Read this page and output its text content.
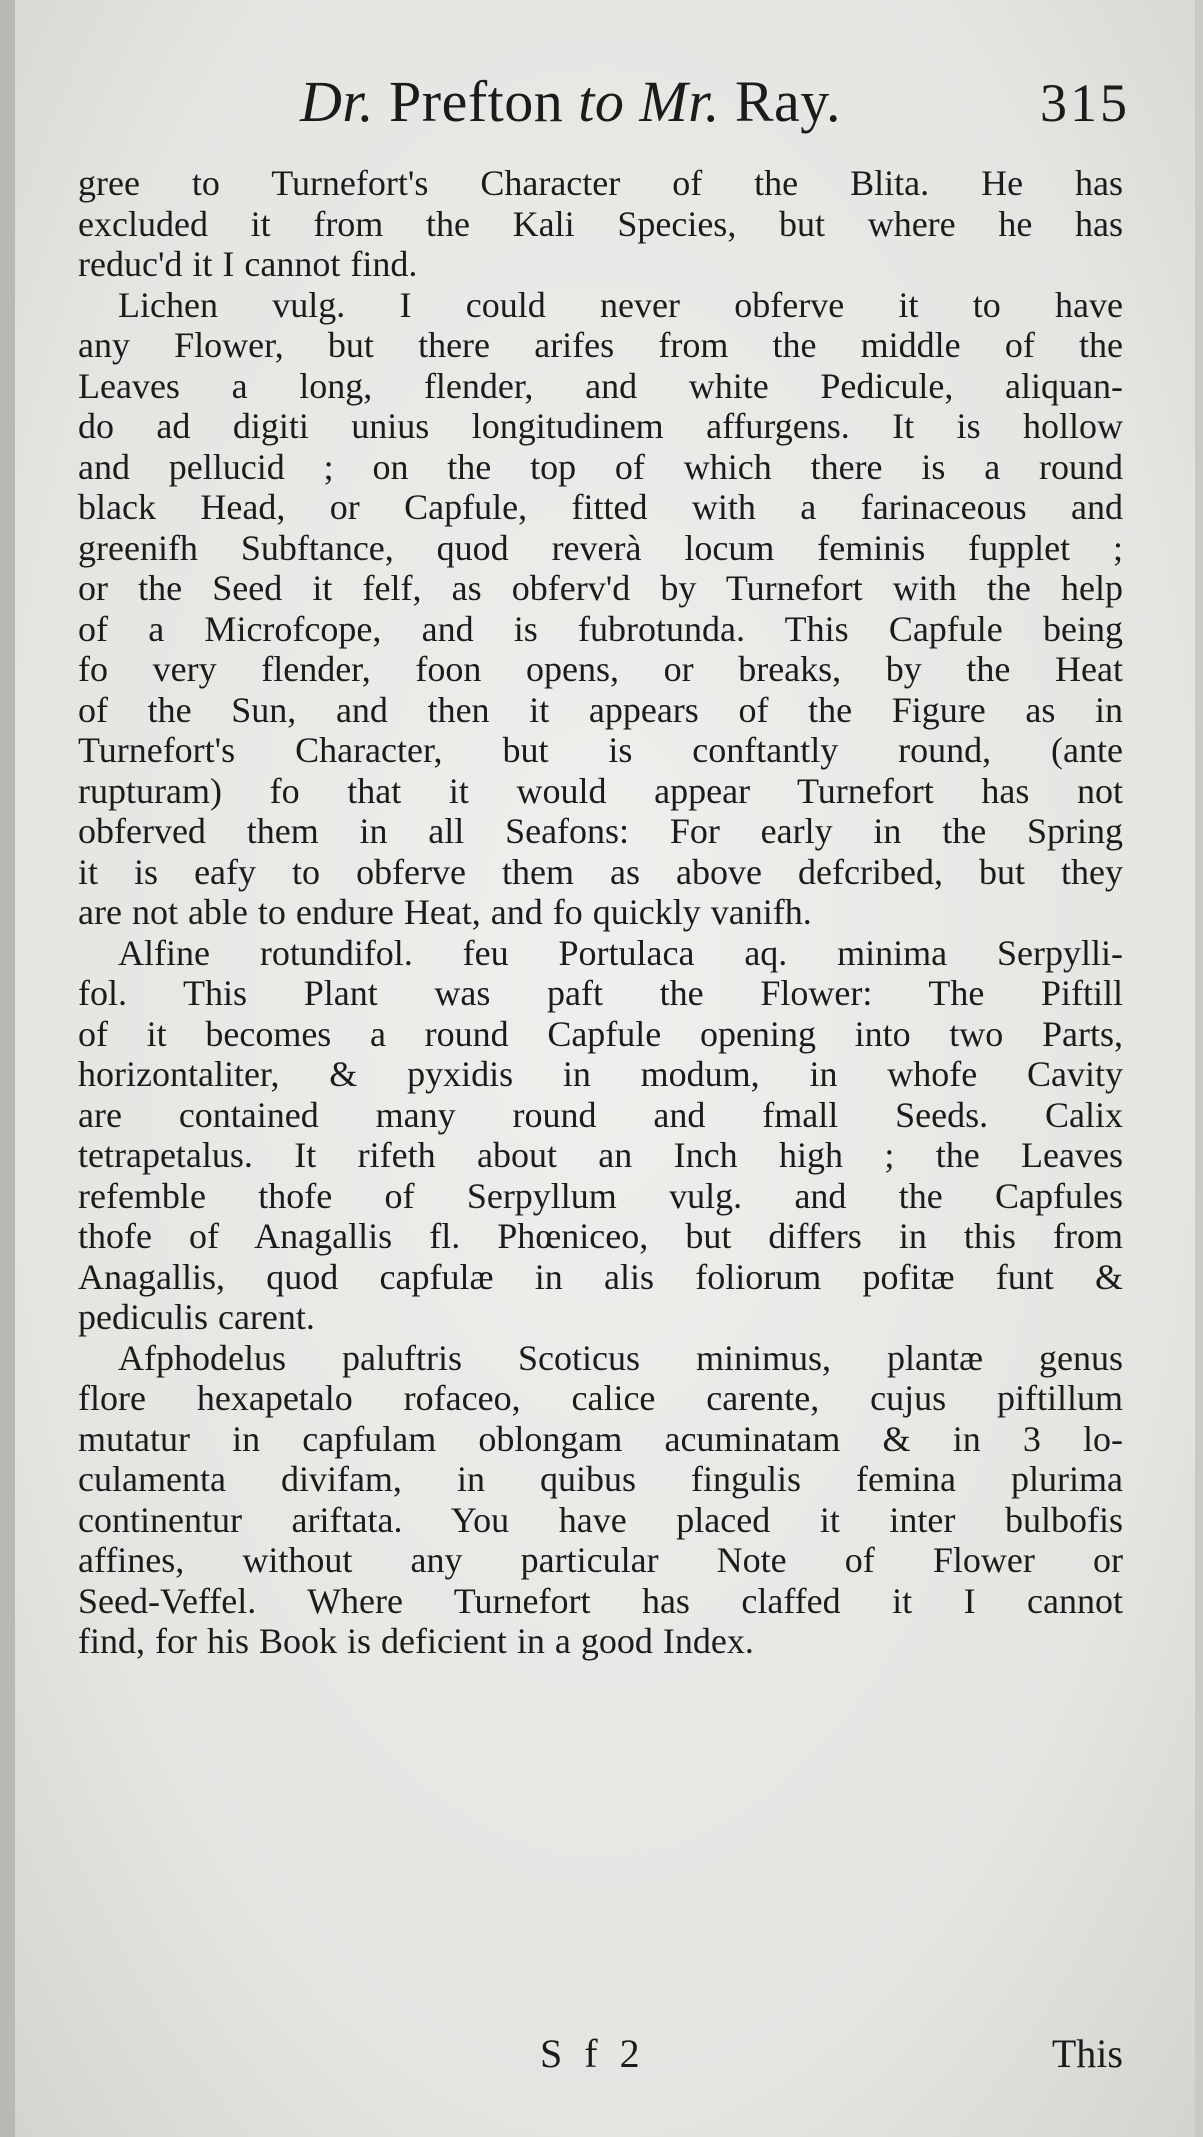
Dr. Prefton to Mr. Ray.	315
gree to Turnefort's Character of the Blita. He has
excluded it from the Kali Species, but where he has
reduc'd it I cannot find.
Lichen vulg. I could never obferve it to have
any Flower, but there arifes from the middle of the
Leaves a long, flender, and white Pedicule, aliquan-
do ad digiti unius longitudinem affurgens. It is hollow
and pellucid ; on the top of which there is a round
black Head, or Capfule, fitted with a farinaceous and
greenifh Subftance, quod reverà locum feminis fupplet ;
or the Seed it felf, as obferv'd by Turnefort with the help
of a Microfcope, and is fubrotunda. This Capfule being
fo very flender, foon opens, or breaks, by the Heat
of the Sun, and then it appears of the Figure as in
Turnefort's Character, but is conftantly round, (ante
rupturam) fo that it would appear Turnefort has not
obferved them in all Seafons: For early in the Spring
it is eafy to obferve them as above defcribed, but they
are not able to endure Heat, and fo quickly vanifh.
Alfine rotundifol. feu Portulaca aq. minima Serpylli-
fol. This Plant was paft the Flower: The Piftill
of it becomes a round Capfule opening into two Parts,
horizontaliter, & pyxidis in modum, in whofe Cavity
are contained many round and fmall Seeds. Calix
tetrapetalus. It rifeth about an Inch high ; the Leaves
refemble thofe of Serpyllum vulg. and the Capfules
thofe of Anagallis fl. Phœniceo, but differs in this from
Anagallis, quod capfulæ in alis foliorum pofitæ funt &
pediculis carent.
Afphodelus paluftris Scoticus minimus, plantæ genus
flore hexapetalo rofaceo, calice carente, cujus piftillum
mutatur in capfulam oblongam acuminatam & in 3 lo-
culamenta divifam, in quibus fingulis femina plurima
continentur ariftata. You have placed it inter bulbofis
affines, without any particular Note of Flower or
Seed-Veffel. Where Turnefort has claffed it I cannot
find, for his Book is deficient in a good Index.
S f 2	This
